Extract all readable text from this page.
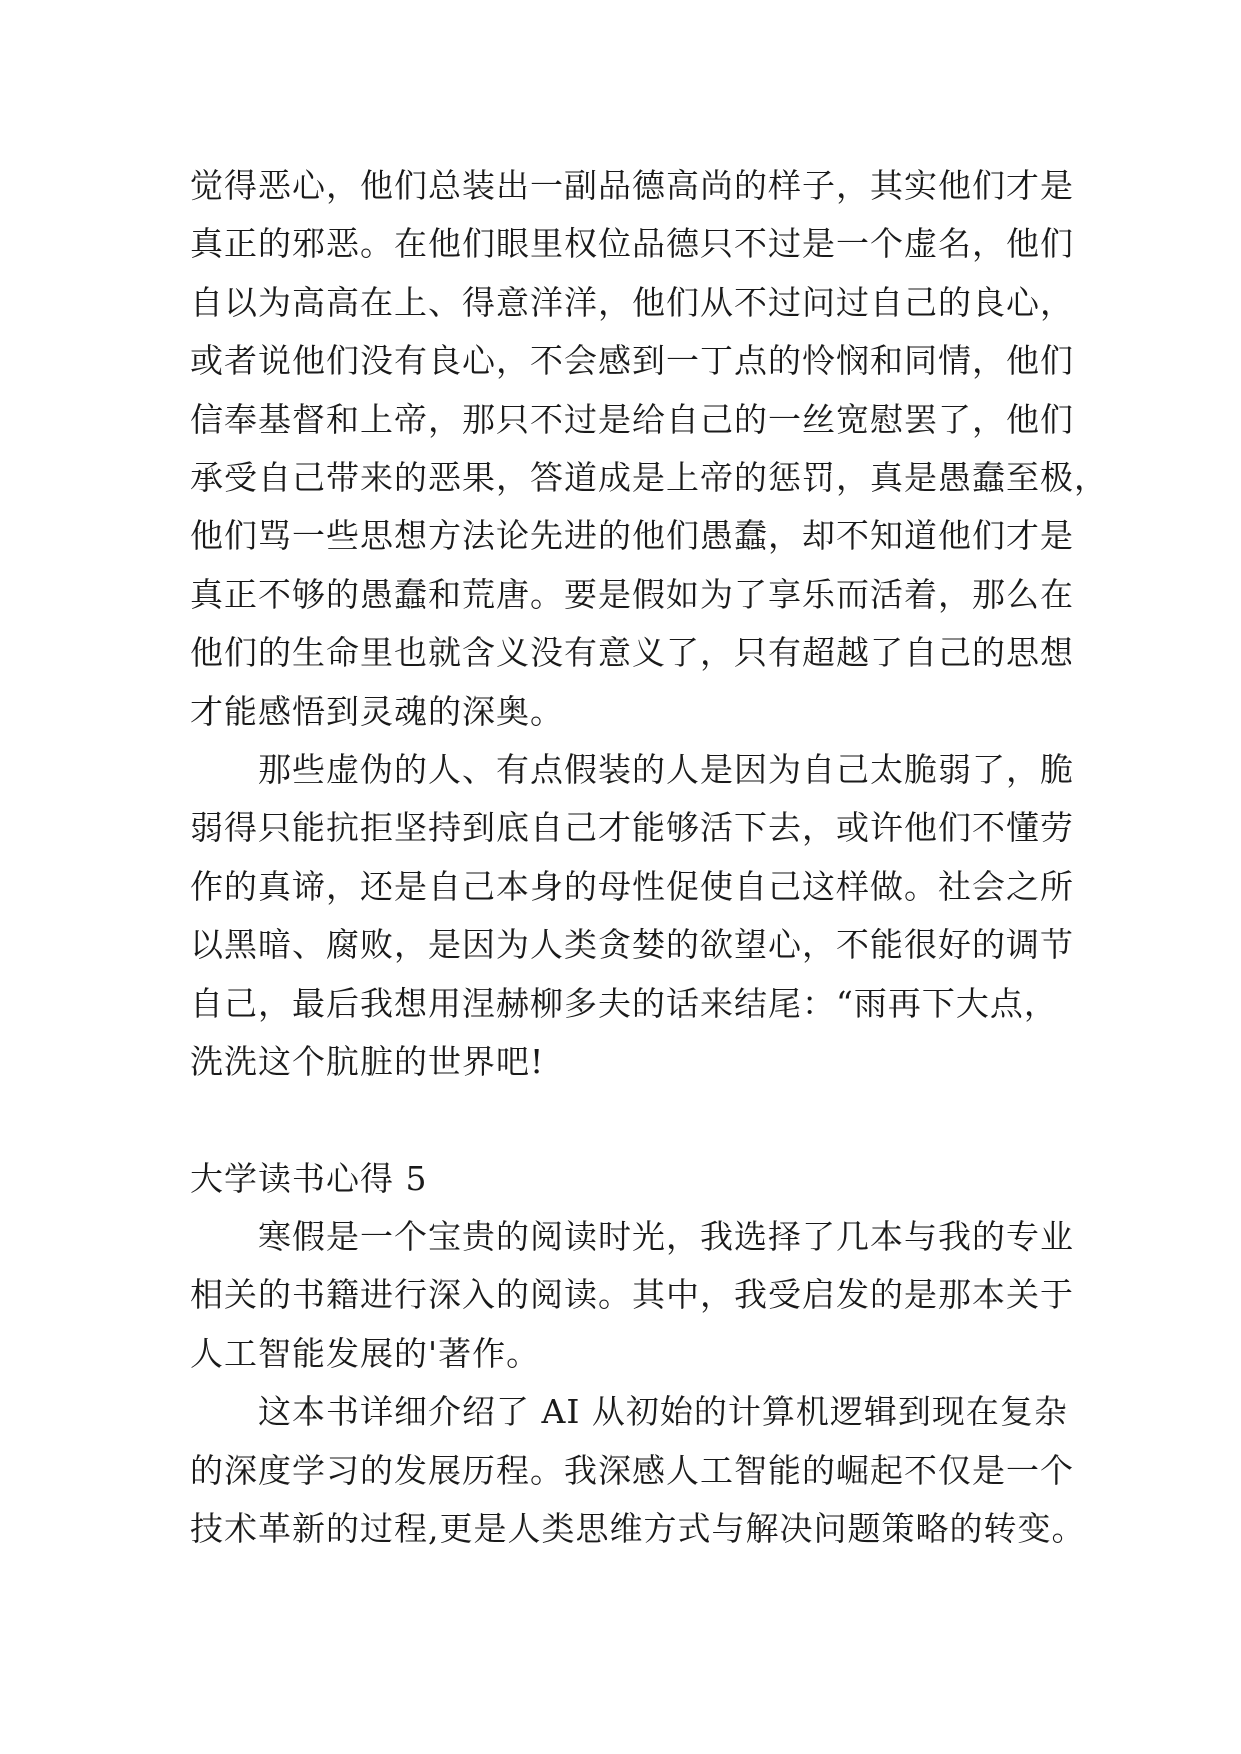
觉得恶心，他们总装出一副品德高尚的样子，其实他们才是
真正的邪恶。在他们眼里权位品德只不过是一个虚名，他们
自以为高高在上、得意洋洋，他们从不过问过自己的良心，
或者说他们没有良心，不会感到一丁点的怜悯和同情，他们
信奉基督和上帝，那只不过是给自己的一丝宽慰罢了，他们
承受自己带来的恶果，答道成是上帝的惩罚，真是愚蠢至极，
他们骂一些思想方法论先进的他们愚蠢，却不知道他们才是
真正不够的愚蠢和荒唐。要是假如为了享乐而活着，那么在
他们的生命里也就含义没有意义了，只有超越了自己的思想
才能感悟到灵魂的深奥。

那些虚伪的人、有点假装的人是因为自己太脆弱了，脆
弱得只能抗拒坚持到底自己才能够活下去，或许他们不懂劳
作的真谛，还是自己本身的母性促使自己这样做。社会之所
以黑暗、腐败，是因为人类贪婪的欲望心，不能很好的调节
自己，最后我想用涅赫柳多夫的话来结尾：“雨再下大点，
洗洗这个肮脏的世界吧!

大学读书心得 5

寒假是一个宝贵的阅读时光，我选择了几本与我的专业
相关的书籍进行深入的阅读。其中，我受启发的是那本关于
人工智能发展的'著作。

这本书详细介绍了 AI 从初始的计算机逻辑到现在复杂
的深度学习的发展历程。我深感人工智能的崛起不仅是一个
技术革新的过程,更是人类思维方式与解决问题策略的转变。
